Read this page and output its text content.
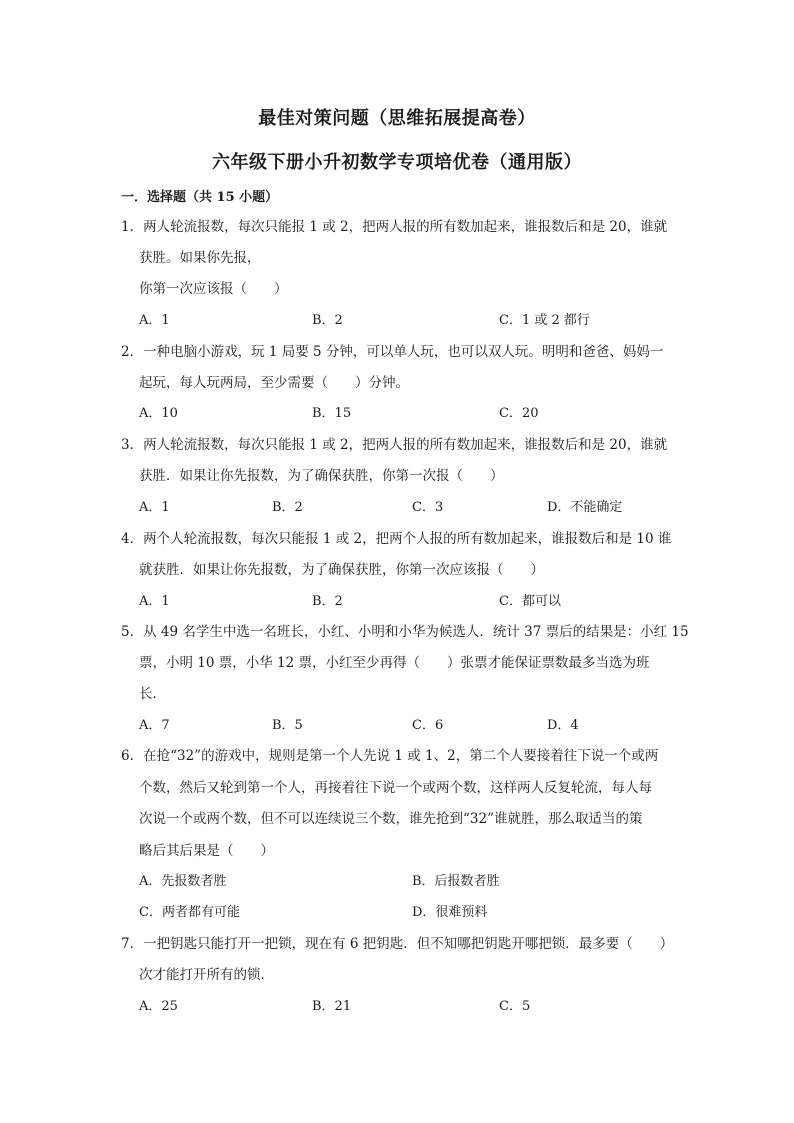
最佳对策问题（思维拓展提高卷）
六年级下册小升初数学专项培优卷（通用版）
一．选择题（共 15 小题）
1．两人轮流报数，每次只能报 1 或 2，把两人报的所有数加起来，谁报数后和是 20，谁就
获胜。如果你先报，
你第一次应该报（　　）
A．1	B．2	C．1 或 2 都行
2．一种电脑小游戏，玩 1 局要 5 分钟，可以单人玩，也可以双人玩。明明和爸爸、妈妈一
起玩，每人玩两局，至少需要（　　）分钟。
A．10	B．15	C．20
3．两人轮流报数，每次只能报 1 或 2，把两人报的所有数加起来，谁报数后和是 20，谁就
获胜．如果让你先报数，为了确保获胜，你第一次报（　　）
A．1	B．2	C．3	D．不能确定
4．两个人轮流报数，每次只能报 1 或 2，把两个人报的所有数加起来，谁报数后和是 10 谁
就获胜．如果让你先报数，为了确保获胜，你第一次应该报（　　）
A．1	B．2	C．都可以
5．从 49 名学生中选一名班长，小红、小明和小华为候选人．统计 37 票后的结果是：小红 15
票，小明 10 票，小华 12 票，小红至少再得（　　）张票才能保证票数最多当选为班
长．
A．7	B．5	C．6	D．4
6．在抢“32”的游戏中，规则是第一个人先说 1 或 1、2，第二个人要接着往下说一个或两
个数，然后又轮到第一个人，再接着往下说一个或两个数，这样两人反复轮流，每人每
次说一个或两个数，但不可以连续说三个数，谁先抢到“32”谁就胜，那么取适当的策
略后其后果是（　　）
A．先报数者胜	B．后报数者胜
C．两者都有可能	D．很难预料
7．一把钥匙只能打开一把锁，现在有 6 把钥匙．但不知哪把钥匙开哪把锁．最多要（　　）
次才能打开所有的锁．
A．25	B．21	C．5
